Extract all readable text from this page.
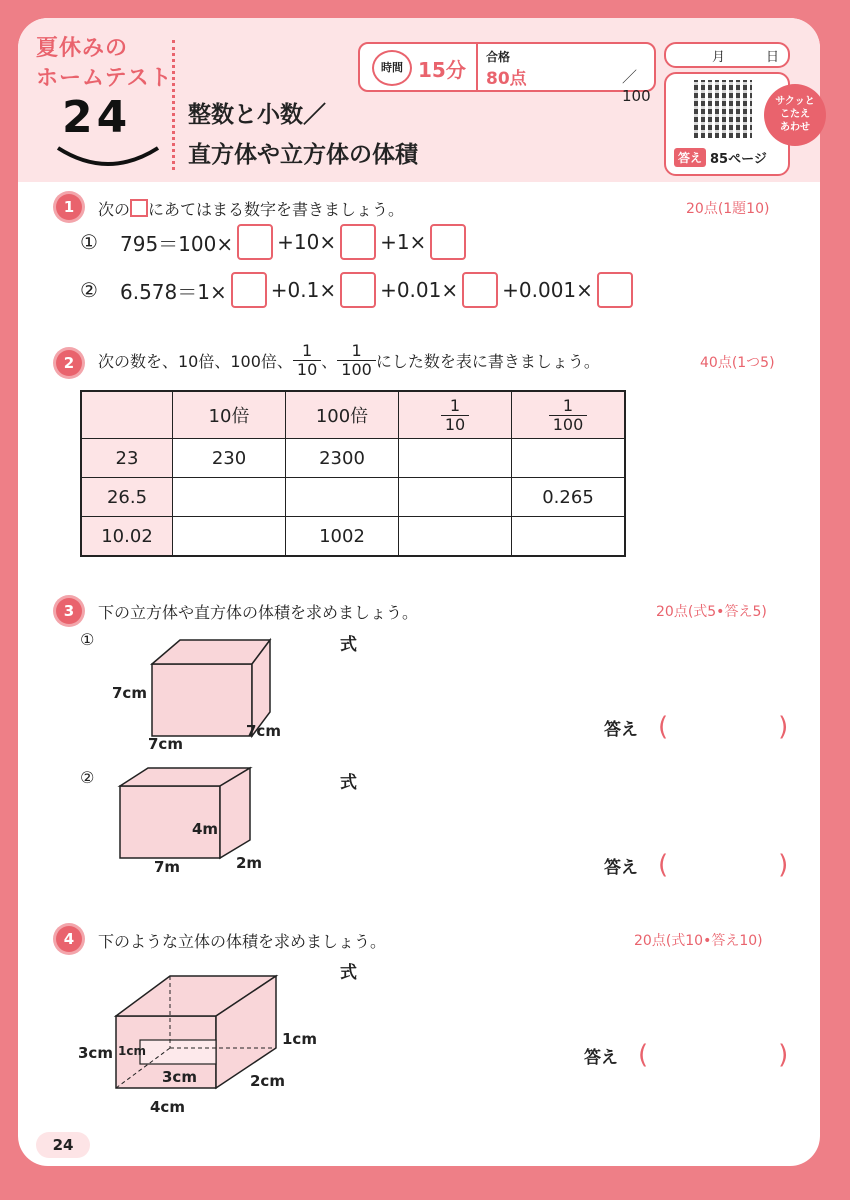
夏休みの
ホームテスト
24 整数と小数／
直方体や立方体の体積
時間 15分
合格
80点	／100
月	日
サクッと
こたえ
あわせ
答え 85ページ
1	次の にあてはまる数字を書きましょう。	20点(1題10)
①	795＝100× +10× +1×
②	6.578＝1× +0.1× +0.01× +0.001×
2	次の数を、10倍、100倍、 $\frac{1}{10}$ 、 $\frac{1}{100}$ にした数を表に書きましょう。	40点(1つ5)
	10倍	100倍	$\frac{1}{10}$	$\frac{1}{100}$

23	230	2300		
26.5				0.265
10.02		1002		
3	下の立方体や直方体の体積を求めましょう。	20点(式5•答え5)
①
7cm
7cm
7cm
式
答え (	)
②
4m
7m	2m
式
答え (	)
4	下のような立体の体積を求めましょう。	20点(式10•答え10)
式
3cm 1cm
1cm
3cm	2cm
4cm
答え (	)
24
